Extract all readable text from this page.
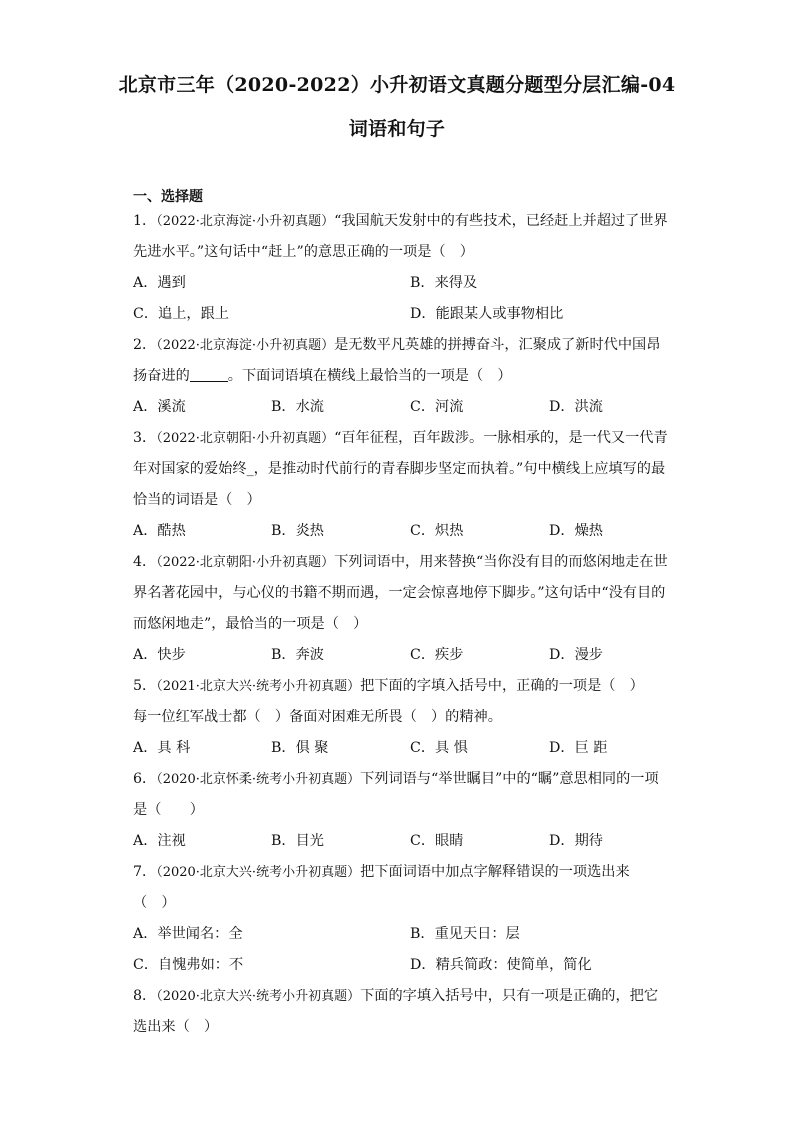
北京市三年（2020-2022）小升初语文真题分题型分层汇编-04
词语和句子
一、选择题
1．（2022·北京海淀·小升初真题）“我国航天发射中的有些技术，已经赶上并超过了世界
先进水平。”这句话中“赶上”的意思正确的一项是（　）
A．遇到	B．来得及
C．追上，跟上	D．能跟某人或事物相比
2．（2022·北京海淀·小升初真题）是无数平凡英雄的拼搏奋斗，汇聚成了新时代中国昂
扬奋进的	。下面词语填在横线上最恰当的一项是（　）
A．溪流	B．水流	C．河流	D．洪流
3．（2022·北京朝阳·小升初真题）“百年征程，百年跋涉。一脉相承的，是一代又一代青
年对国家的爱始终_，是推动时代前行的青春脚步坚定而执着。”句中横线上应填写的最
恰当的词语是（　）
A．酷热	B．炎热	C．炽热	D．燥热
4．（2022·北京朝阳·小升初真题）下列词语中，用来替换“当你没有目的而悠闲地走在世
界名著花园中，与心仪的书籍不期而遇，一定会惊喜地停下脚步。”这句话中“没有目的
而悠闲地走”，最恰当的一项是（　）
A．快步	B．奔波	C．疾步	D．漫步
5．（2021·北京大兴·统考小升初真题）把下面的字填入括号中，正确的一项是（　）
每一位红军战士都（　）备面对困难无所畏（　）的精神。
A．具 科	B．俱 聚	C．具 惧	D．巨 距
6．（2020·北京怀柔·统考小升初真题）下列词语与“举世瞩目”中的“瞩”意思相同的一项
是（　　）
A．注视	B．目光	C．眼睛	D．期待
7．（2020·北京大兴·统考小升初真题）把下面词语中加点字解释错误的一项选出来
（　）
A．举世闻名：全	B．重见天日：层
C．自愧弗如：不	D．精兵简政：使简单，简化
8．（2020·北京大兴·统考小升初真题）下面的字填入括号中，只有一项是正确的，把它
选出来（　）
